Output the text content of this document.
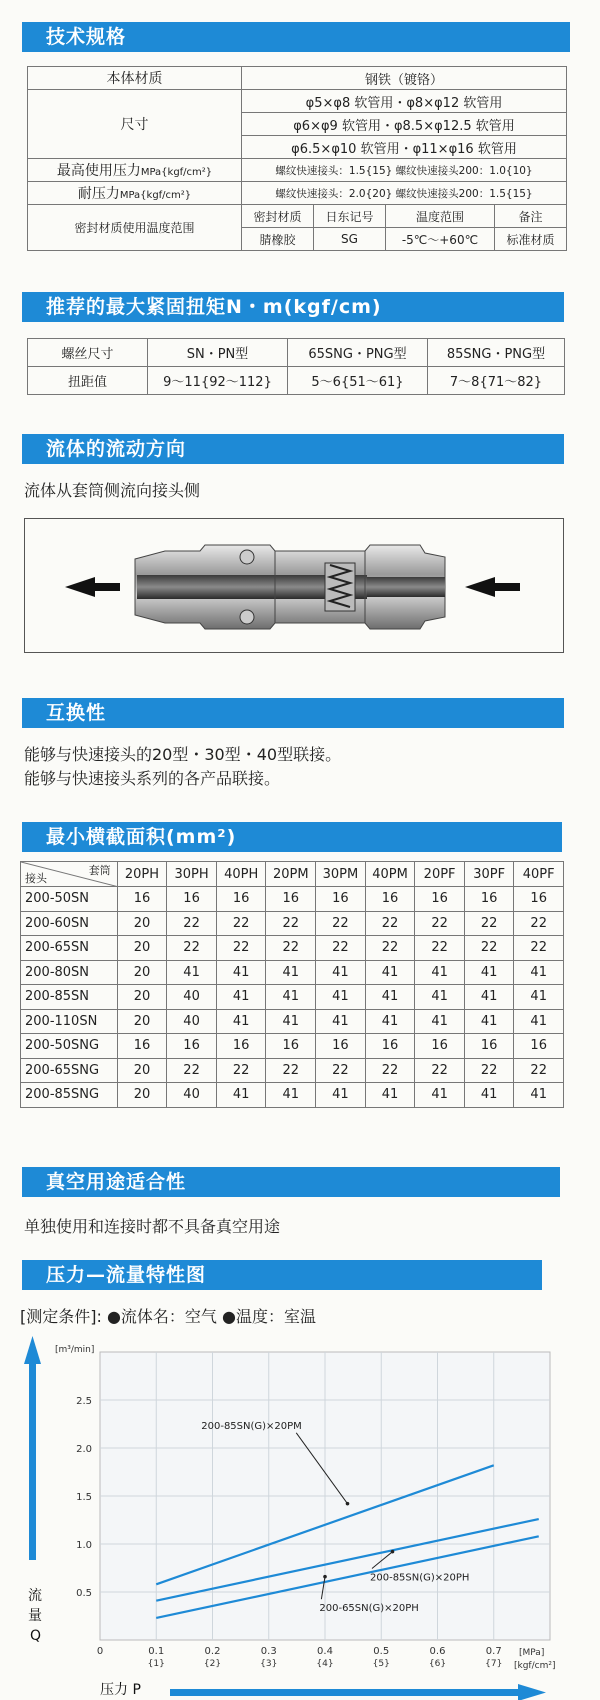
技术规格
本体材质	钢铁（镀铬）			
尺寸	φ5×φ8 软管用・φ8×φ12 软管用			
	φ6×φ9 软管用・φ8.5×φ12.5 软管用			
	φ6.5×φ10 软管用・φ11×φ16 软管用			
最高使用压力MPa{kgf/cm²}	螺纹快速接头：1.5{15} 螺纹快速接头200：1.0{10}			
耐压力MPa{kgf/cm²}	螺纹快速接头：2.0{20} 螺纹快速接头200：1.5{15}			
密封材质使用温度范围	密封材质	日东记号	温度范围	备注
	腈橡胶	SG	-5℃～+60℃	标准材质
推荐的最大紧固扭矩N・m(kgf/cm)
螺丝尺寸	SN・PN型	65SNG・PNG型	85SNG・PNG型
扭距值	9～11{92～112}	5～6{51～61}	7～8{71～82}
流体的流动方向
流体从套筒侧流向接头侧
互换性
能够与快速接头的20型・30型・40型联接。
能够与快速接头系列的各产品联接。
最小横截面积(mm²)
套筒
接头	20PH	30PH	40PH	20PM	30PM	40PM	20PF	30PF	40PF
200-50SN	16	16	16	16	16	16	16	16	16
200-60SN	20	22	22	22	22	22	22	22	22
200-65SN	20	22	22	22	22	22	22	22	22
200-80SN	20	41	41	41	41	41	41	41	41
200-85SN	20	40	41	41	41	41	41	41	41
200-110SN	20	40	41	41	41	41	41	41	41
200-50SNG	16	16	16	16	16	16	16	16	16
200-65SNG	20	22	22	22	22	22	22	22	22
200-85SNG	20	40	41	41	41	41	41	41	41
真空用途适合性
单独使用和连接时都不具备真空用途
压力—流量特性图
[测定条件]: ●流体名：空气 ●温度：室温
[m³/min]
流
量
Q
压力 P
[MPa]
[kgf/cm²]
0	0.1	0.2	0.3	0.4	0.5	0.6	0.7
{1}	{2}	{3}	{4}	{5}	{6}	{7}
0.5
1.0
1.5
2.0
2.5
200-85SN(G)×20PM
200-85SN(G)×20PH
200-65SN(G)×20PH
